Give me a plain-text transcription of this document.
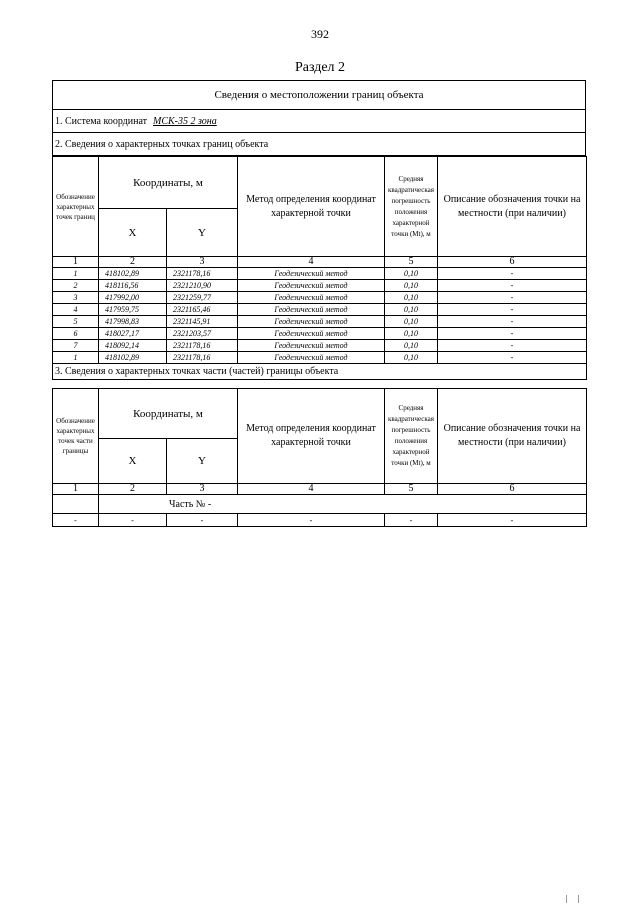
392
Раздел 2
Сведения о местоположении границ объекта
1. Система координат МСК-35 2 зона
2. Сведения о характерных точках границ объекта
Обозначение характерных точек границ	Координаты, м		Метод определения координат характерной точки	Средняя квадратическая погрешность положения характерной точки (Mt), м	Описание обозначения точки на местности (при наличии)
	X	Y			
1	2	3	4	5	6
1	418102,89	2321178,16	Геодезический метод	0,10	-
2	418116,56	2321210,90	Геодезический метод	0,10	-
3	417992,00	2321259,77	Геодезический метод	0,10	-
4	417959,75	2321165,46	Геодезический метод	0,10	-
5	417998,83	2321145,91	Геодезический метод	0,10	-
6	418027,17	2321203,57	Геодезический метод	0,10	-
7	418092,14	2321178,16	Геодезический метод	0,10	-
1	418102,89	2321178,16	Геодезический метод	0,10	-
3. Сведения о характерных точках части (частей) границы объекта					
Обозначение характерных точек части границы	Координаты, м		Метод определения координат характерной точки	Средняя квадратическая погрешность положения характерной точки (Mt), м	Описание обозначения точки на местности (при наличии)
	X	Y			
1	2	3	4	5	6
	Часть № -				
-	-	-	-	-	-
| |
